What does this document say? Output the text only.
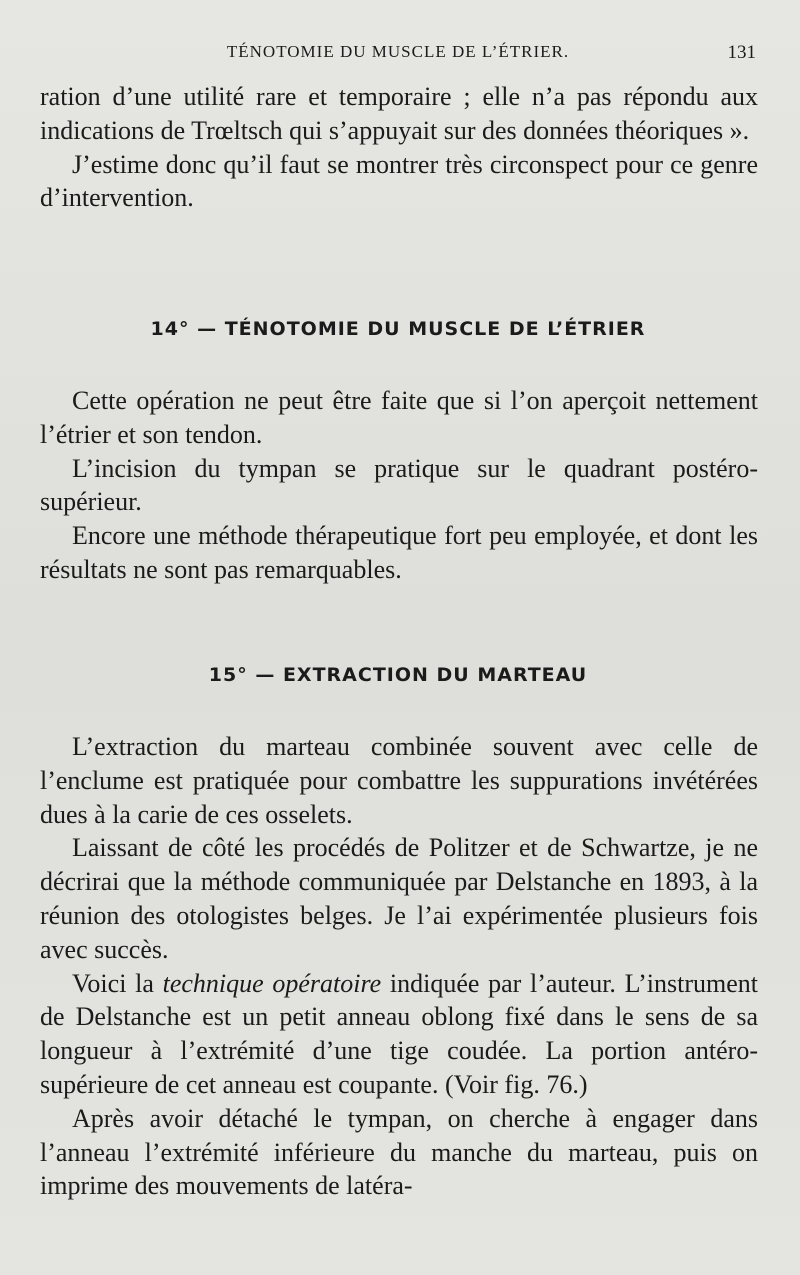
TÉNOTOMIE DU MUSCLE DE L’ÉTRIER.	131

ration d’une utilité rare et temporaire ; elle n’a pas répondu aux indications de Trœltsch qui s’appuyait sur des données théoriques ».

J’estime donc qu’il faut se montrer très circonspect pour ce genre d’intervention.

14° — TÉNOTOMIE DU MUSCLE DE L’ÉTRIER

Cette opération ne peut être faite que si l’on aperçoit nettement l’étrier et son tendon.

L’incision du tympan se pratique sur le quadrant postéro-supérieur.

Encore une méthode thérapeutique fort peu employée, et dont les résultats ne sont pas remarquables.

15° — EXTRACTION DU MARTEAU

L’extraction du marteau combinée souvent avec celle de l’enclume est pratiquée pour combattre les suppurations invétérées dues à la carie de ces osselets.

Laissant de côté les procédés de Politzer et de Schwartze, je ne décrirai que la méthode communiquée par Delstanche en 1893, à la réunion des otologistes belges. Je l’ai expérimentée plusieurs fois avec succès.

Voici la technique opératoire indiquée par l’auteur. L’instrument de Delstanche est un petit anneau oblong fixé dans le sens de sa longueur à l’extrémité d’une tige coudée. La portion antéro-supérieure de cet anneau est coupante. (Voir fig. 76.)

Après avoir détaché le tympan, on cherche à engager dans l’anneau l’extrémité inférieure du manche du marteau, puis on imprime des mouvements de latéra-
